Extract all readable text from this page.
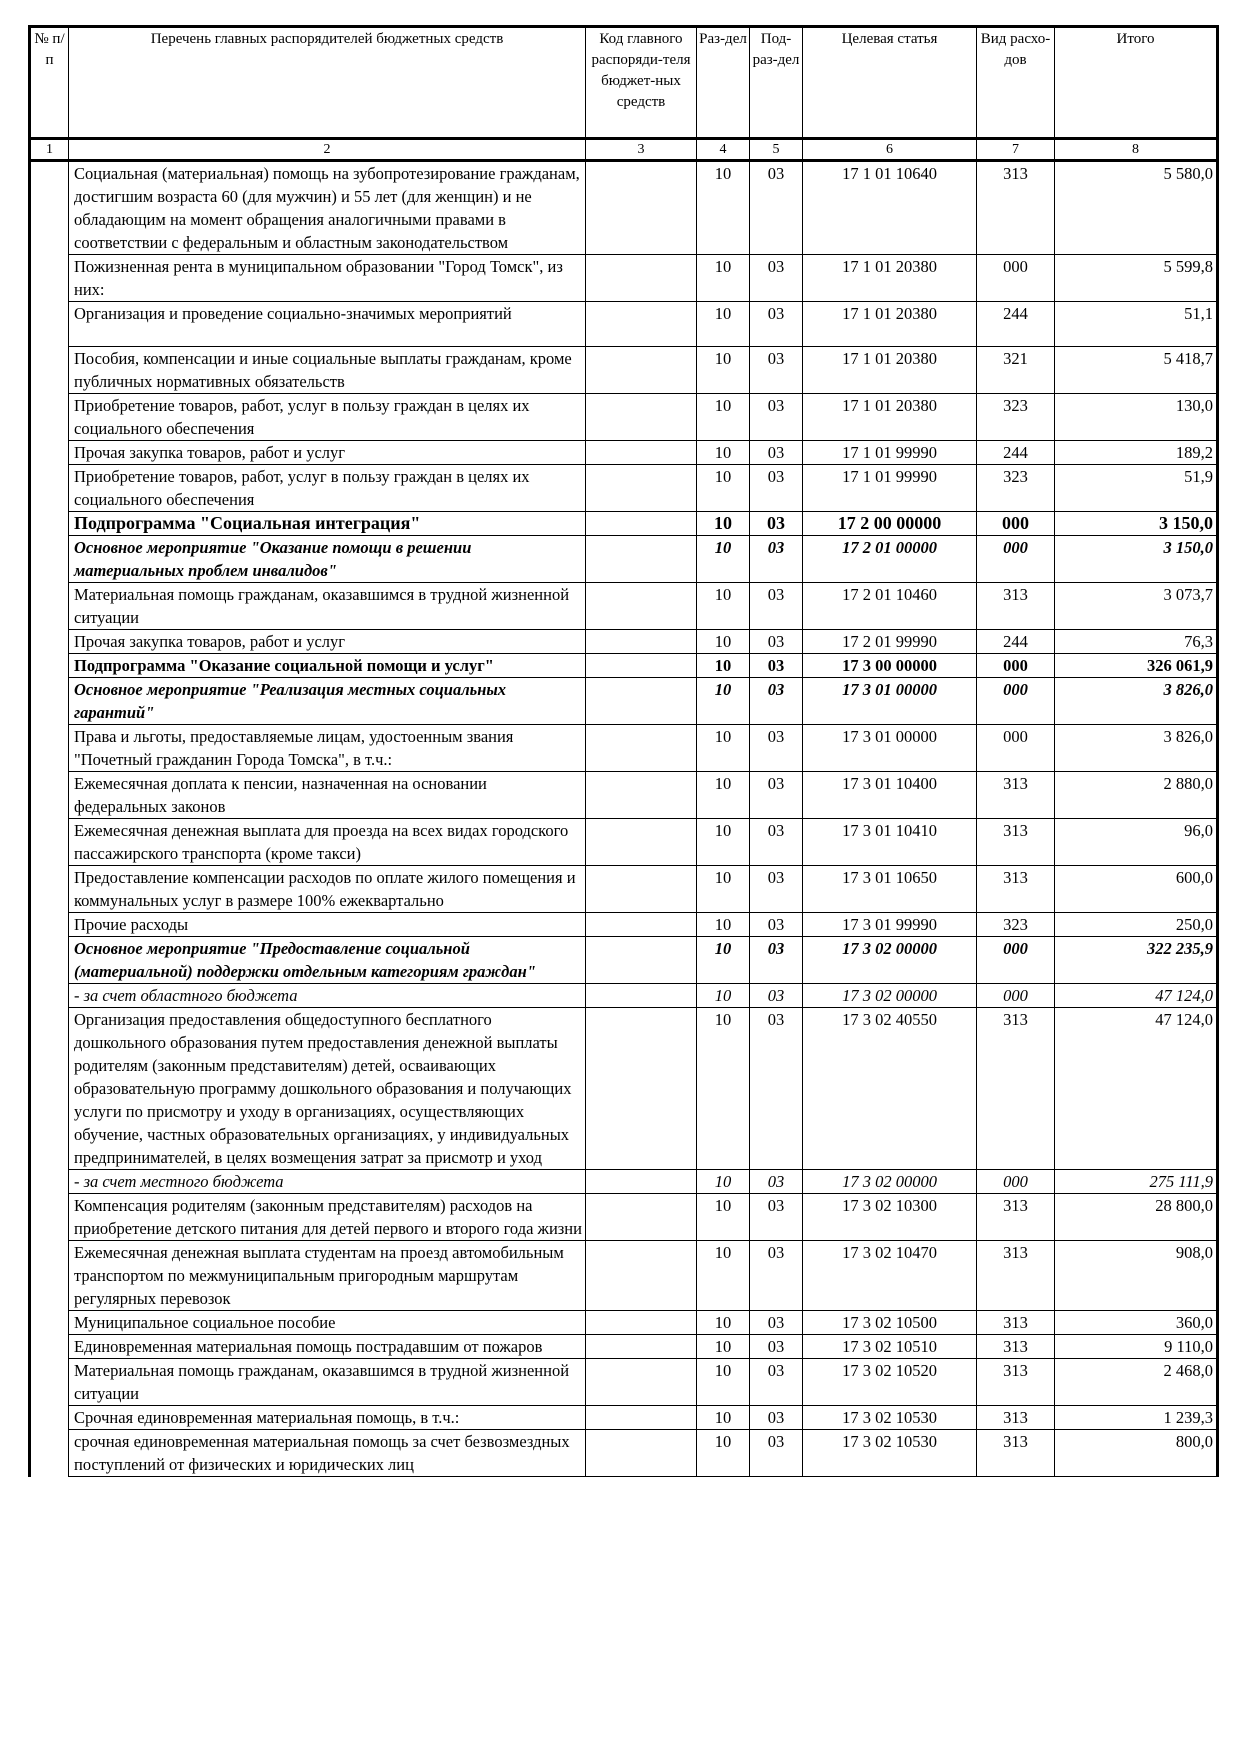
№ п/п	Перечень главных распорядителей бюджетных средств	Код главного распоряди-теля бюджет-ных средств	Раз-дел	Под-раз-дел	Целевая статья	Вид расхо-дов	Итого
1	2	3	4	5	6	7	8
	Социальная (материальная) помощь на зубопротезирование гражданам, достигшим возраста 60 (для мужчин) и 55 лет (для женщин) и не обладающим на момент обращения аналогичными правами в соответствии с федеральным и областным законодательством		10	03	17 1 01 10640	313	5 580,0
	Пожизненная рента в муниципальном образовании "Город Томск", из них:		10	03	17 1 01 20380	000	5 599,8
	Организация и проведение социально-значимых мероприятий		10	03	17 1 01 20380	244	51,1
	Пособия, компенсации и иные социальные выплаты гражданам, кроме публичных нормативных обязательств		10	03	17 1 01 20380	321	5 418,7
	Приобретение товаров, работ, услуг в пользу граждан в целях их социального обеспечения		10	03	17 1 01 20380	323	130,0
	Прочая закупка товаров, работ и услуг		10	03	17 1 01 99990	244	189,2
	Приобретение товаров, работ, услуг в пользу граждан в целях их социального обеспечения		10	03	17 1 01 99990	323	51,9
	Подпрограмма "Социальная интеграция"		10	03	17 2 00 00000	000	3 150,0
	Основное мероприятие "Оказание помощи в решении материальных проблем инвалидов"		10	03	17 2 01 00000	000	3 150,0
	Материальная помощь гражданам, оказавшимся в трудной жизненной ситуации		10	03	17 2 01 10460	313	3 073,7
	Прочая закупка товаров, работ и услуг		10	03	17 2 01 99990	244	76,3
	Подпрограмма "Оказание социальной помощи и услуг"		10	03	17 3 00 00000	000	326 061,9
	Основное мероприятие "Реализация местных социальных гарантий"		10	03	17 3 01 00000	000	3 826,0
	Права и льготы, предоставляемые лицам, удостоенным звания "Почетный гражданин Города Томска", в т.ч.:		10	03	17 3 01 00000	000	3 826,0
	Ежемесячная доплата к пенсии, назначенная на основании федеральных законов		10	03	17 3 01 10400	313	2 880,0
	Ежемесячная денежная выплата для проезда на всех видах городского пассажирского транспорта (кроме такси)		10	03	17 3 01 10410	313	96,0
	Предоставление компенсации расходов по оплате жилого помещения и коммунальных услуг в размере 100% ежеквартально		10	03	17 3 01 10650	313	600,0
	Прочие расходы		10	03	17 3 01 99990	323	250,0
	Основное мероприятие "Предоставление социальной (материальной) поддержки отдельным категориям граждан"		10	03	17 3 02 00000	000	322 235,9
	- за счет областного бюджета		10	03	17 3 02 00000	000	47 124,0
	Организация предоставления общедоступного бесплатного дошкольного образования путем предоставления денежной выплаты родителям (законным представителям) детей, осваивающих образовательную программу дошкольного образования и получающих услуги по присмотру и уходу в организациях, осуществляющих обучение, частных образовательных организациях, у индивидуальных предпринимателей, в целях возмещения затрат за присмотр и уход		10	03	17 3 02 40550	313	47 124,0
	- за счет местного бюджета		10	03	17 3 02 00000	000	275 111,9
	Компенсация родителям (законным представителям) расходов на приобретение детского питания для детей первого и второго года жизни		10	03	17 3 02 10300	313	28 800,0
	Ежемесячная денежная выплата студентам на проезд автомобильным транспортом по межмуниципальным пригородным маршрутам регулярных перевозок		10	03	17 3 02 10470	313	908,0
	Муниципальное социальное пособие		10	03	17 3 02 10500	313	360,0
	Единовременная материальная помощь пострадавшим от пожаров		10	03	17 3 02 10510	313	9 110,0
	Материальная помощь гражданам, оказавшимся в трудной жизненной ситуации		10	03	17 3 02 10520	313	2 468,0
	Срочная единовременная материальная помощь, в т.ч.:		10	03	17 3 02 10530	313	1 239,3
	срочная единовременная материальная помощь за счет безвозмездных поступлений от физических и юридических лиц		10	03	17 3 02 10530	313	800,0
